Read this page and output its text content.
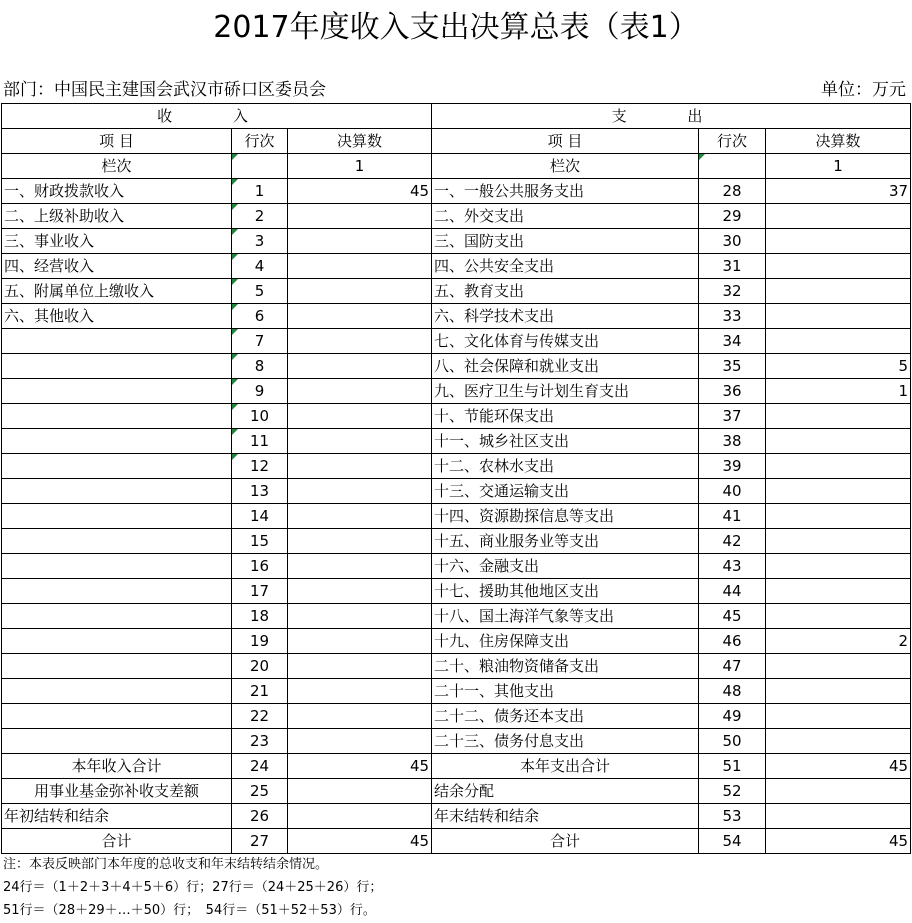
2017年度收入支出决算总表（表1）
部门：中国民主建国会武汉市硚口区委员会	单位：万元
收 入			支 出		
项 目	行次	决算数	项 目	行次	决算数
栏次		1	栏次		1
一、财政拨款收入	1	45	一、一般公共服务支出	28	37
二、上级补助收入	2		二、外交支出	29	
三、事业收入	3		三、国防支出	30	
四、经营收入	4		四、公共安全支出	31	
五、附属单位上缴收入	5		五、教育支出	32	
六、其他收入	6		六、科学技术支出	33	
	7		七、文化体育与传媒支出	34	
	8		八、社会保障和就业支出	35	5
	9		九、医疗卫生与计划生育支出	36	1
	10		十、节能环保支出	37	
	11		十一、城乡社区支出	38	
	12		十二、农林水支出	39	
	13		十三、交通运输支出	40	
	14		十四、资源勘探信息等支出	41	
	15		十五、商业服务业等支出	42	
	16		十六、金融支出	43	
	17		十七、援助其他地区支出	44	
	18		十八、国土海洋气象等支出	45	
	19		十九、住房保障支出	46	2
	20		二十、粮油物资储备支出	47	
	21		二十一、其他支出	48	
	22		二十二、债务还本支出	49	
	23		二十三、债务付息支出	50	
本年收入合计	24	45	本年支出合计	51	45
用事业基金弥补收支差额	25		结余分配	52	
年初结转和结余	26		年末结转和结余	53	
合计	27	45	合计	54	45
注：本表反映部门本年度的总收支和年末结转结余情况。
24行＝（1＋2＋3＋4＋5＋6）行；27行＝（24＋25＋26）行；
51行＝（28＋29＋…＋50）行；　54行＝（51＋52＋53）行。
